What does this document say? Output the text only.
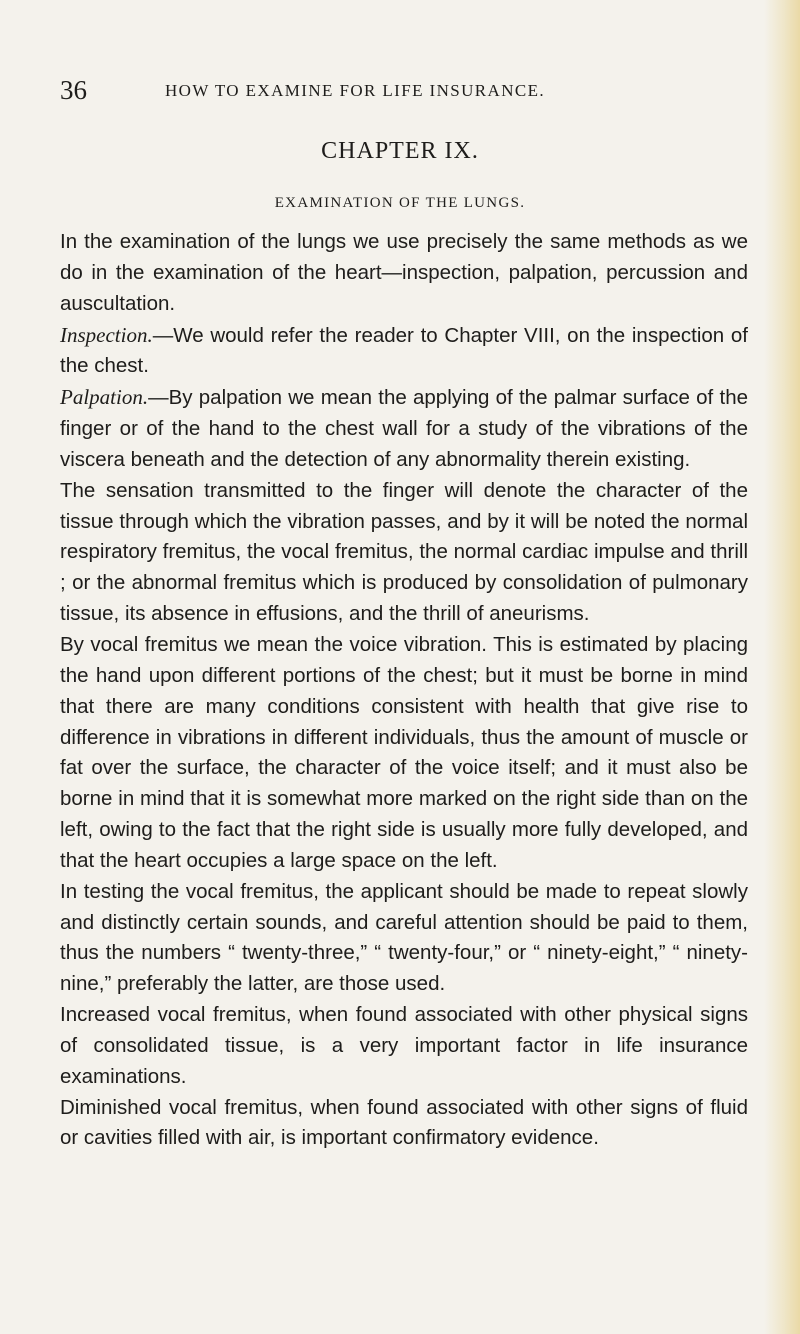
36	HOW TO EXAMINE FOR LIFE INSURANCE.
CHAPTER IX.
EXAMINATION OF THE LUNGS.

In the examination of the lungs we use precisely the same methods as we do in the examination of the heart—inspection, palpation, percussion and auscultation.

Inspection.—We would refer the reader to Chapter VIII, on the inspection of the chest.

Palpation.—By palpation we mean the applying of the palmar surface of the finger or of the hand to the chest wall for a study of the vibrations of the viscera beneath and the detection of any abnormality therein existing.

The sensation transmitted to the finger will denote the character of the tissue through which the vibration passes, and by it will be noted the normal respiratory fremitus, the vocal fremitus, the normal cardiac impulse and thrill ; or the abnormal fremitus which is produced by consolidation of pulmonary tissue, its absence in effusions, and the thrill of aneurisms.

By vocal fremitus we mean the voice vibration. This is estimated by placing the hand upon different portions of the chest; but it must be borne in mind that there are many conditions consistent with health that give rise to difference in vibrations in different individuals, thus the amount of muscle or fat over the surface, the character of the voice itself; and it must also be borne in mind that it is somewhat more marked on the right side than on the left, owing to the fact that the right side is usually more fully developed, and that the heart occupies a large space on the left.

In testing the vocal fremitus, the applicant should be made to repeat slowly and distinctly certain sounds, and careful attention should be paid to them, thus the numbers “ twenty-three,” “ twenty-four,” or “ ninety-eight,” “ ninety-nine,” preferably the latter, are those used.

Increased vocal fremitus, when found associated with other physical signs of consolidated tissue, is a very important factor in life insurance examinations.

Diminished vocal fremitus, when found associated with other signs of fluid or cavities filled with air, is important confirmatory evidence.
